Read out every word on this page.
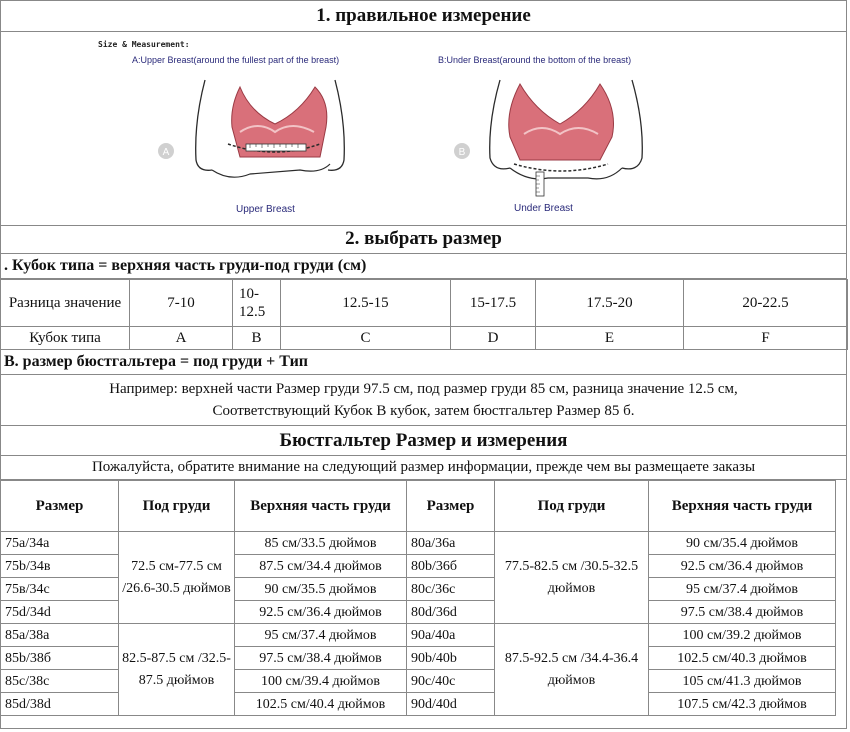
1. правильное измерение
Size & Measurement:
A:Upper Breast(around the fullest part of the breast)	B:Under Breast(around the bottom of the breast)
A	B
Upper Breast	Under Breast
2. выбрать размер
. Кубок типа = верхняя часть груди-под груди (см)
Разница значение	7-10	10-12.5	12.5-15	15-17.5	17.5-20	20-22.5
Кубок типа	A	B	C	D	E	F
B. размер бюстгальтера = под груди + Тип
Например: верхней части Размер груди 97.5 см, под размер груди 85 см, разница значение 12.5 см,
Соответствующий Кубок В кубок, затем бюстгальтер Размер 85 б.
Бюстгальтер Размер и измерения
Пожалуйста, обратите внимание на следующий размер информации, прежде чем вы размещаете заказы
Размер	Под груди	Верхняя часть груди	Размер	Под груди	Верхняя часть груди
75a/34a	72.5 см-77.5 см /26.6-30.5 дюймов	85 см/33.5 дюймов	80a/36a	77.5-82.5 см /30.5-32.5 дюймов	90 см/35.4 дюймов
75b/34в		87.5 см/34.4 дюймов	80b/36б		92.5 см/36.4 дюймов
75в/34c		90 см/35.5 дюймов	80c/36c		95 см/37.4 дюймов
75d/34d		92.5 см/36.4 дюймов	80d/36d		97.5 см/38.4 дюймов
85a/38a	82.5-87.5 см /32.5-87.5 дюймов	95 см/37.4 дюймов	90a/40a	87.5-92.5 см /34.4-36.4 дюймов	100 см/39.2 дюймов
85b/38б		97.5 см/38.4 дюймов	90b/40b		102.5 см/40.3 дюймов
85c/38c		100 см/39.4 дюймов	90c/40c		105 см/41.3 дюймов
85d/38d		102.5 см/40.4 дюймов	90d/40d		107.5 см/42.3 дюймов
